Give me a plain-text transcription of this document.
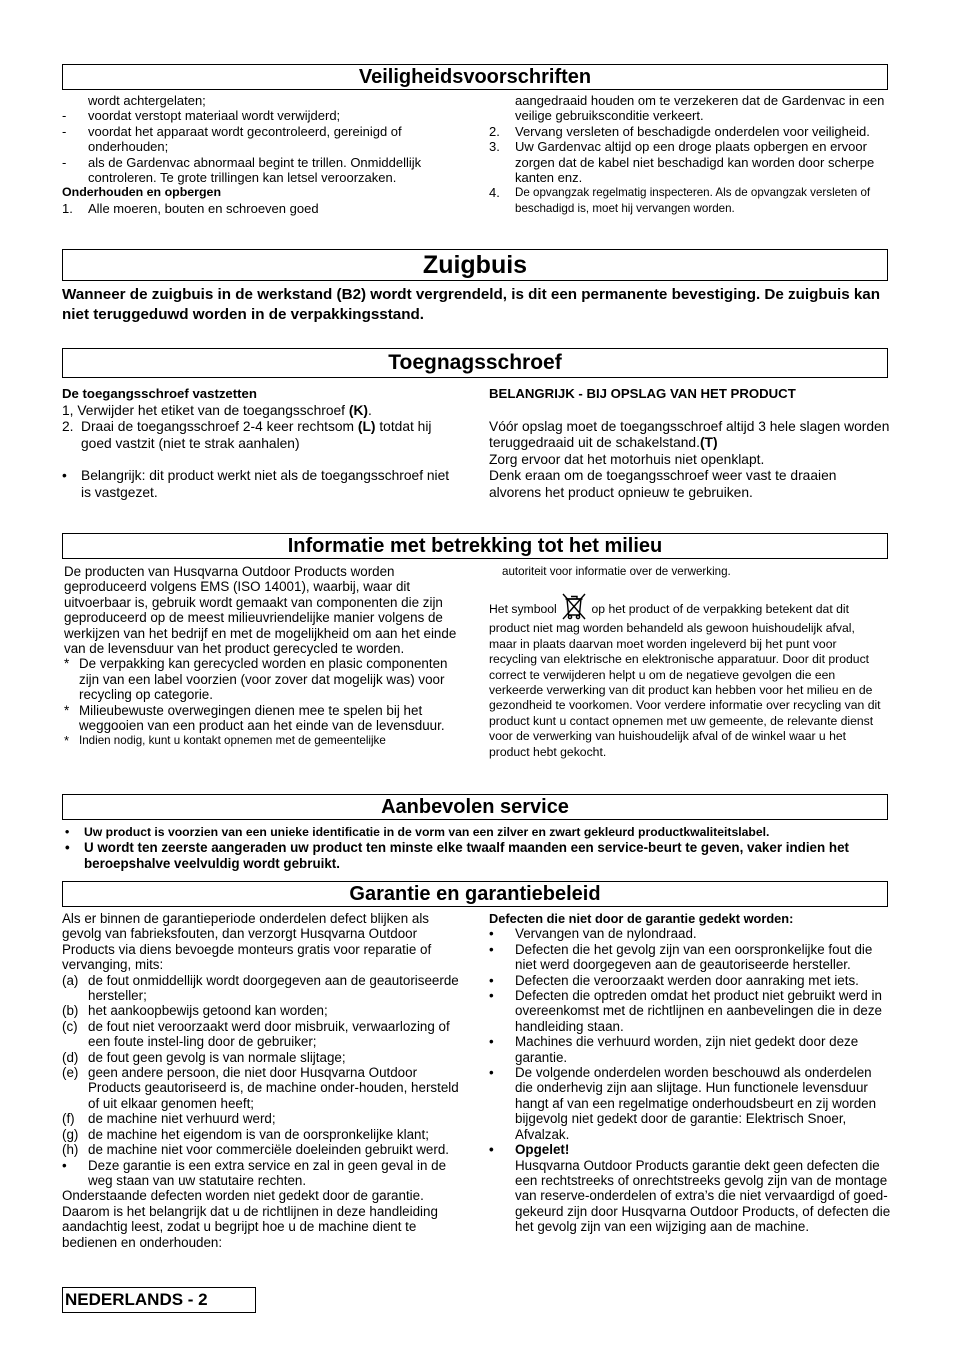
Veiligheidsvoorschriften
wordt achtergelaten;
- voordat verstopt materiaal wordt verwijderd;
- voordat het apparaat wordt gecontroleerd, gereinigd of onderhouden;
- als de Gardenvac abnormaal begint te trillen. Onmiddellijk controleren. Te grote trillingen kan letsel veroorzaken.
Onderhouden en opbergen
1. Alle moeren, bouten en schroeven goed
aangedraaid houden om te verzekeren dat de Gardenvac in een veilige gebruiksconditie verkeert.
2. Vervang versleten of beschadigde onderdelen voor veiligheid.
3. Uw Gardenvac altijd op een droge plaats opbergen en ervoor zorgen dat de kabel niet beschadigd kan worden door scherpe kanten enz.
4. De opvangzak regelmatig inspecteren. Als de opvangzak versleten of beschadigd is, moet hij vervangen worden.
Zuigbuis
Wanneer de zuigbuis in de werkstand (B2) wordt vergrendeld, is dit een permanente bevestiging. De zuigbuis kan niet teruggeduwd worden in de verpakkingsstand.
Toegnagsschroef
De toegangsschroef vastzetten
1, Verwijder het etiket van de toegangsschroef (K).
2. Draai de toegangsschroef 2-4 keer rechtsom (L) totdat hij goed vastzit (niet te strak aanhalen)
• Belangrijk: dit product werkt niet als de toegangsschroef niet is vastgezet.
BELANGRIJK - BIJ OPSLAG VAN HET PRODUCT
Vóór opslag moet de toegangsschroef altijd 3 hele slagen worden teruggedraaid uit de schakelstand.(T)
Zorg ervoor dat het motorhuis niet openklapt.
Denk eraan om de toegangsschroef weer vast te draaien alvorens het product opnieuw te gebruiken.
Informatie met betrekking tot het milieu
De producten van Husqvarna Outdoor Products worden geproduceerd volgens EMS (ISO 14001), waarbij, waar dit uitvoerbaar is, gebruik wordt gemaakt van componenten die zijn geproduceerd op de meest milieuvriendelijke manier volgens de werkijzen van het bedrijf en met de mogelijkheid om aan het einde van de levensduur van het product gerecycled te worden.
* De verpakking kan gerecycled worden en plasic componenten zijn van een label voorzien (voor zover dat mogelijk was) voor recycling op categorie.
* Milieubewuste overwegingen dienen mee te spelen bij het weggooien van een product aan het einde van de levensduur.
* Indien nodig, kunt u kontakt opnemen met de gemeentelijke
autoriteit voor informatie over de verwerking.
Het symbool  op het product of de verpakking betekent dat dit product niet mag worden behandeld als gewoon huishoudelijk afval, maar in plaats daarvan moet worden ingeleverd bij het punt voor recycling van elektrische en elektronische apparatuur. Door dit product correct te verwijderen helpt u om de negatieve gevolgen die een verkeerde verwerking van dit product kan hebben voor het milieu en de gezondheid te voorkomen. Voor verdere informatie over recycling van dit product kunt u contact opnemen met uw gemeente, de relevante dienst voor de verwerking van huishoudelijk afval of de winkel waar u het product hebt gekocht.
Aanbevolen service
• Uw product is voorzien van een unieke identificatie in de vorm van een zilver en zwart gekleurd productkwaliteitslabel.
• U wordt ten zeerste aangeraden uw product ten minste elke twaalf maanden een service-beurt te geven, vaker indien het beroepshalve veelvuldig wordt gebruikt.
Garantie en garantiebeleid
Als er binnen de garantieperiode onderdelen defect blijken als gevolg van fabrieksfouten, dan verzorgt Husqvarna Outdoor Products via diens bevoegde monteurs gratis voor reparatie of vervanging, mits:
(a) de fout onmiddellijk wordt doorgegeven aan de geautoriseerde hersteller;
(b) het aankoopbewijs getoond kan worden;
(c) de fout niet veroorzaakt werd door misbruik, verwaarlozing of een foute instel-ling door de gebruiker;
(d) de fout geen gevolg is van normale slijtage;
(e) geen andere persoon, die niet door Husqvarna Outdoor Products geautoriseerd is, de machine onder-houden, hersteld of uit elkaar genomen heeft;
(f) de machine niet verhuurd werd;
(g) de machine het eigendom is van de oorspronkelijke klant;
(h) de machine niet voor commerciële doeleinden gebruikt werd.
• Deze garantie is een extra service en zal in geen geval in de weg staan van uw statutaire rechten.
Onderstaande defecten worden niet gedekt door de garantie. Daarom is het belangrijk dat u de richtlijnen in deze handleiding aandachtig leest, zodat u begrijpt hoe u de machine dient te bedienen en onderhouden:
Defecten die niet door de garantie gedekt worden:
• Vervangen van de nylondraad.
• Defecten die het gevolg zijn van een oorspronkelijke fout die niet werd doorgegeven aan de geautoriseerde hersteller.
• Defecten die veroorzaakt werden door aanraking met iets.
• Defecten die optreden omdat het product niet gebruikt werd in overeenkomst met de richtlijnen en aanbevelingen die in deze handleiding staan.
• Machines die verhuurd worden, zijn niet gedekt door deze garantie.
• De volgende onderdelen worden beschouwd als onderdelen die onderhevig zijn aan slijtage. Hun functionele levensduur hangt af van een regelmatige onderhoudsbeurt en zij worden bijgevolg niet gedekt door de garantie: Elektrisch Snoer, Afvalzak.
• Opgelet!
Husqvarna Outdoor Products garantie dekt geen defecten die een rechtstreeks of onrechtstreeks gevolg zijn van de montage van reserve-onderdelen of extra’s die niet vervaardigd of goed-gekeurd zijn door Husqvarna Outdoor Products, of defecten die het gevolg zijn van een wijziging aan de machine.
NEDERLANDS - 2
